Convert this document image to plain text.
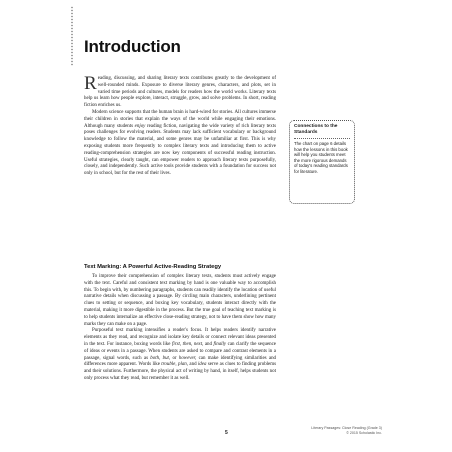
Introduction

Reading, discussing, and sharing literary texts contributes greatly to the development of well-rounded minds. Exposure to diverse literary genres, characters, and plots, set in varied time periods and cultures, models for readers how the world works. Literary texts help us learn how people explore, interact, struggle, grow, and solve problems. In short, reading fiction enriches us.

Modern science supports that the human brain is hard-wired for stories. All cultures immerse their children in stories that explain the ways of the world while engaging their emotions. Although many students enjoy reading fiction, navigating the wide variety of rich literary texts poses challenges for evolving readers. Students may lack sufficient vocabulary or background knowledge to follow the material, and some genres may be unfamiliar at first. This is why exposing students more frequently to complex literary texts and introducing them to active reading-comprehension strategies are now key components of successful reading instruction. Useful strategies, clearly taught, can empower readers to approach literary texts purposefully, closely, and independently. Such active tools provide students with a foundation for success not only in school, but for the rest of their lives.

Connections to the Standards

The chart on page 6 details how the lessons in this book will help you students meet the more rigorous demands of today's reading standards for literature.

Text Marking: A Powerful Active-Reading Strategy

To improve their comprehension of complex literary texts, students must actively engage with the text. Careful and consistent text marking by hand is one valuable way to accomplish this. To begin with, by numbering paragraphs, students can readily identify the location of useful narrative details when discussing a passage. By circling main characters, underlining pertinent clues to setting or sequence, and boxing key vocabulary, students interact directly with the material, making it more digestible in the process. But the true goal of teaching text marking is to help students internalize an effective close-reading strategy, not to have them show how many marks they can make on a page.

Purposeful text marking intensifies a reader's focus. It helps readers identify narrative elements as they read, and recognize and isolate key details or connect relevant ideas presented in the text. For instance, boxing words like first, then, next, and finally can clarify the sequence of ideas or events in a passage. When students are asked to compare and contrast elements in a passage, signal words, such as both, but, or however, can make identifying similarities and differences more apparent. Words like trouble, plan, and idea serve as clues to finding problems and their solutions. Furthermore, the physical act of writing by hand, in itself, helps students not only process what they read, but remember it as well.

5
Literary Passages: Close Reading (Grade 3)
© 2015 Scholastic Inc.
